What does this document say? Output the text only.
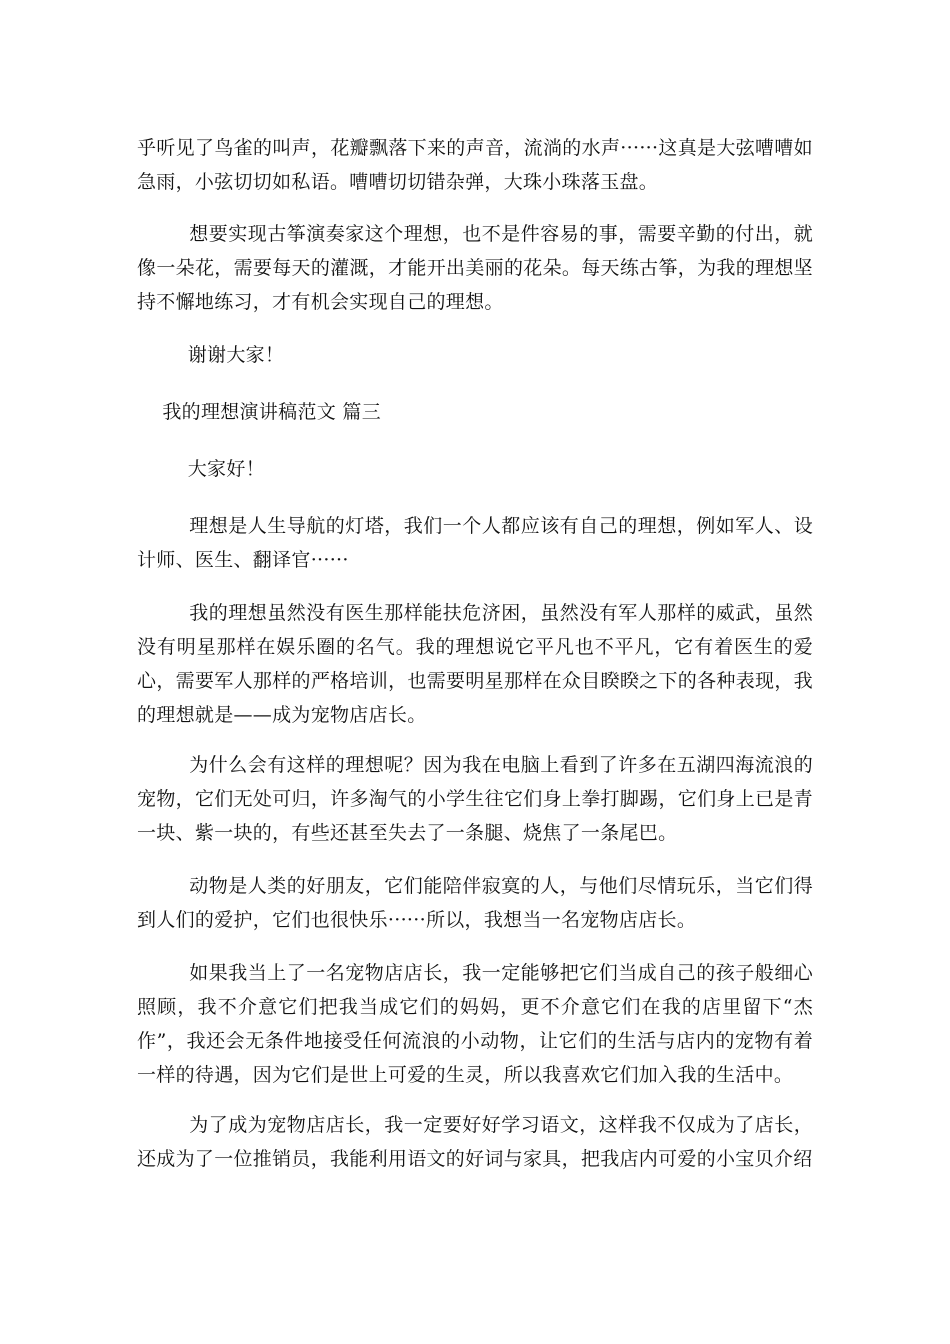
乎听见了鸟雀的叫声，花瓣飘落下来的声音，流淌的水声······这真是大弦嘈嘈如急雨，小弦切切如私语。嘈嘈切切错杂弹，大珠小珠落玉盘。

想要实现古筝演奏家这个理想，也不是件容易的事，需要辛勤的付出，就像一朵花，需要每天的灌溉，才能开出美丽的花朵。每天练古筝，为我的理想坚持不懈地练习，才有机会实现自己的理想。

谢谢大家！

我的理想演讲稿范文 篇三

大家好！

理想是人生导航的灯塔，我们一个人都应该有自己的理想，例如军人、设计师、医生、翻译官······

我的理想虽然没有医生那样能扶危济困，虽然没有军人那样的威武，虽然没有明星那样在娱乐圈的名气。我的理想说它平凡也不平凡，它有着医生的爱心，需要军人那样的严格培训，也需要明星那样在众目睽睽之下的各种表现，我的理想就是——成为宠物店店长。

为什么会有这样的理想呢？因为我在电脑上看到了许多在五湖四海流浪的宠物，它们无处可归，许多淘气的小学生往它们身上拳打脚踢，它们身上已是青一块、紫一块的，有些还甚至失去了一条腿、烧焦了一条尾巴。

动物是人类的好朋友，它们能陪伴寂寞的人，与他们尽情玩乐，当它们得到人们的爱护，它们也很快乐······所以，我想当一名宠物店店长。

如果我当上了一名宠物店店长，我一定能够把它们当成自己的孩子般细心照顾，我不介意它们把我当成它们的妈妈，更不介意它们在我的店里留下“杰作”，我还会无条件地接受任何流浪的小动物，让它们的生活与店内的宠物有着一样的待遇，因为它们是世上可爱的生灵，所以我喜欢它们加入我的生活中。

为了成为宠物店店长，我一定要好好学习语文，这样我不仅成为了店长，还成为了一位推销员，我能利用语文的好词与家具，把我店内可爱的小宝贝介绍
